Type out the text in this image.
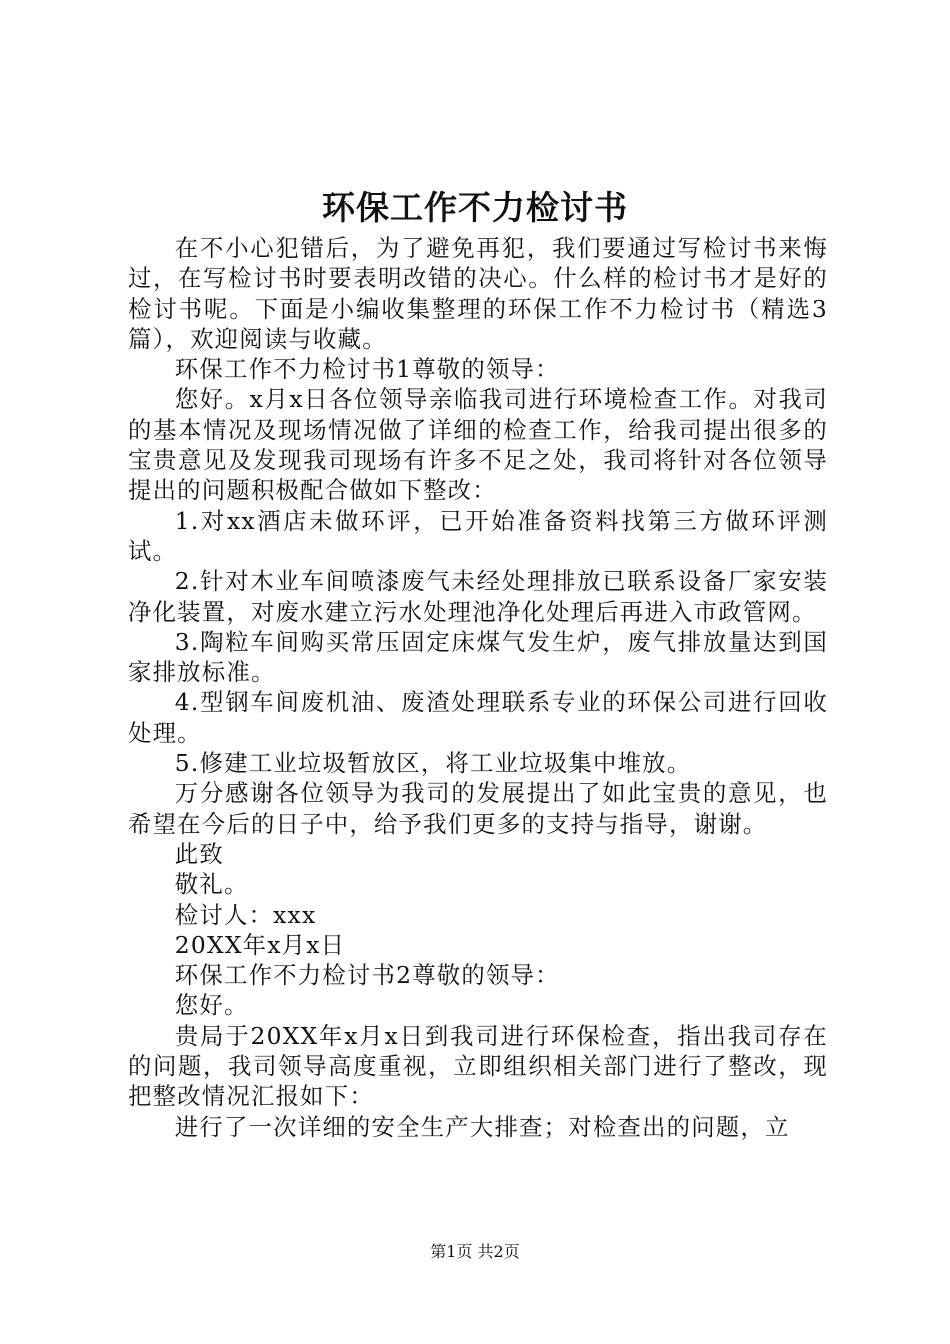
环保工作不力检讨书

在不小心犯错后，为了避免再犯，我们要通过写检讨书来悔过，在写检讨书时要表明改错的决心。什么样的检讨书才是好的检讨书呢。下面是小编收集整理的环保工作不力检讨书（精选3篇），欢迎阅读与收藏。

环保工作不力检讨书1尊敬的领导：

您好。x月x日各位领导亲临我司进行环境检查工作。对我司的基本情况及现场情况做了详细的检查工作，给我司提出很多的宝贵意见及发现我司现场有许多不足之处，我司将针对各位领导提出的问题积极配合做如下整改：

1.对xx酒店未做环评，已开始准备资料找第三方做环评测试。

2.针对木业车间喷漆废气未经处理排放已联系设备厂家安装净化装置，对废水建立污水处理池净化处理后再进入市政管网。

3.陶粒车间购买常压固定床煤气发生炉，废气排放量达到国家排放标准。

4.型钢车间废机油、废渣处理联系专业的环保公司进行回收处理。

5.修建工业垃圾暂放区，将工业垃圾集中堆放。

万分感谢各位领导为我司的发展提出了如此宝贵的意见，也希望在今后的日子中，给予我们更多的支持与指导，谢谢。

此致

敬礼。

检讨人：xxx

20XX年x月x日

环保工作不力检讨书2尊敬的领导：

您好。

贵局于20XX年x月x日到我司进行环保检查，指出我司存在的问题，我司领导高度重视，立即组织相关部门进行了整改，现把整改情况汇报如下：

进行了一次详细的安全生产大排查；对检查出的问题，立

第1页 共2页
